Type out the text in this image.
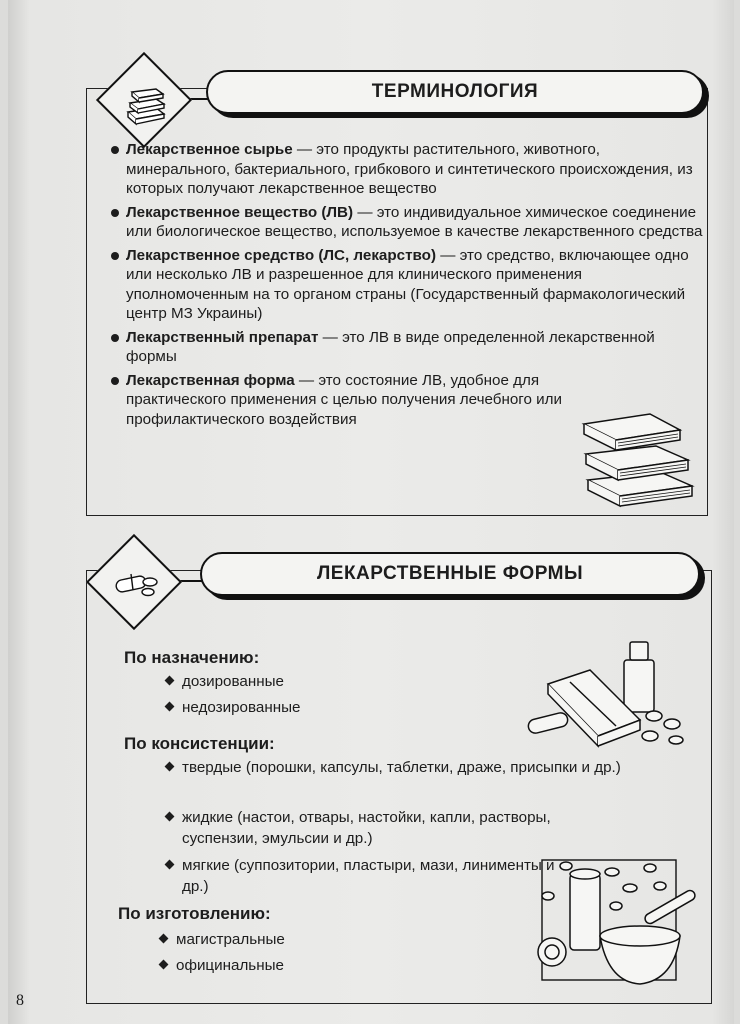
ТЕРМИНОЛОГИЯ
Лекарственное сырье — это продукты растительного, животного, минерального, бактериального, грибкового и синтетического происхождения, из которых получают лекарственное вещество
Лекарственное вещество (ЛВ) — это индивидуальное химическое соединение или биологическое вещество, используемое в качестве лекарственного средства
Лекарственное средство (ЛС, лекарство) — это средство, включающее одно или несколько ЛВ и разрешенное для клинического применения уполномоченным на то органом страны (Государственный фармакологический центр МЗ Украины)
Лекарственный препарат — это ЛВ в виде определенной лекарственной формы
Лекарственная форма — это состояние ЛВ, удобное для практического применения с целью получения лечебного или профилактического воздействия
ЛЕКАРСТВЕННЫЕ ФОРМЫ
По назначению:
дозированные
недозированные
По консистенции:
твердые (порошки, капсулы, таблетки, драже, присыпки и др.)
жидкие (настои, отвары, настойки, капли, растворы, суспензии, эмульсии и др.)
мягкие (суппозитории, пластыри, мази, линименты и др.)
По изготовлению:
магистральные
официнальные
8
